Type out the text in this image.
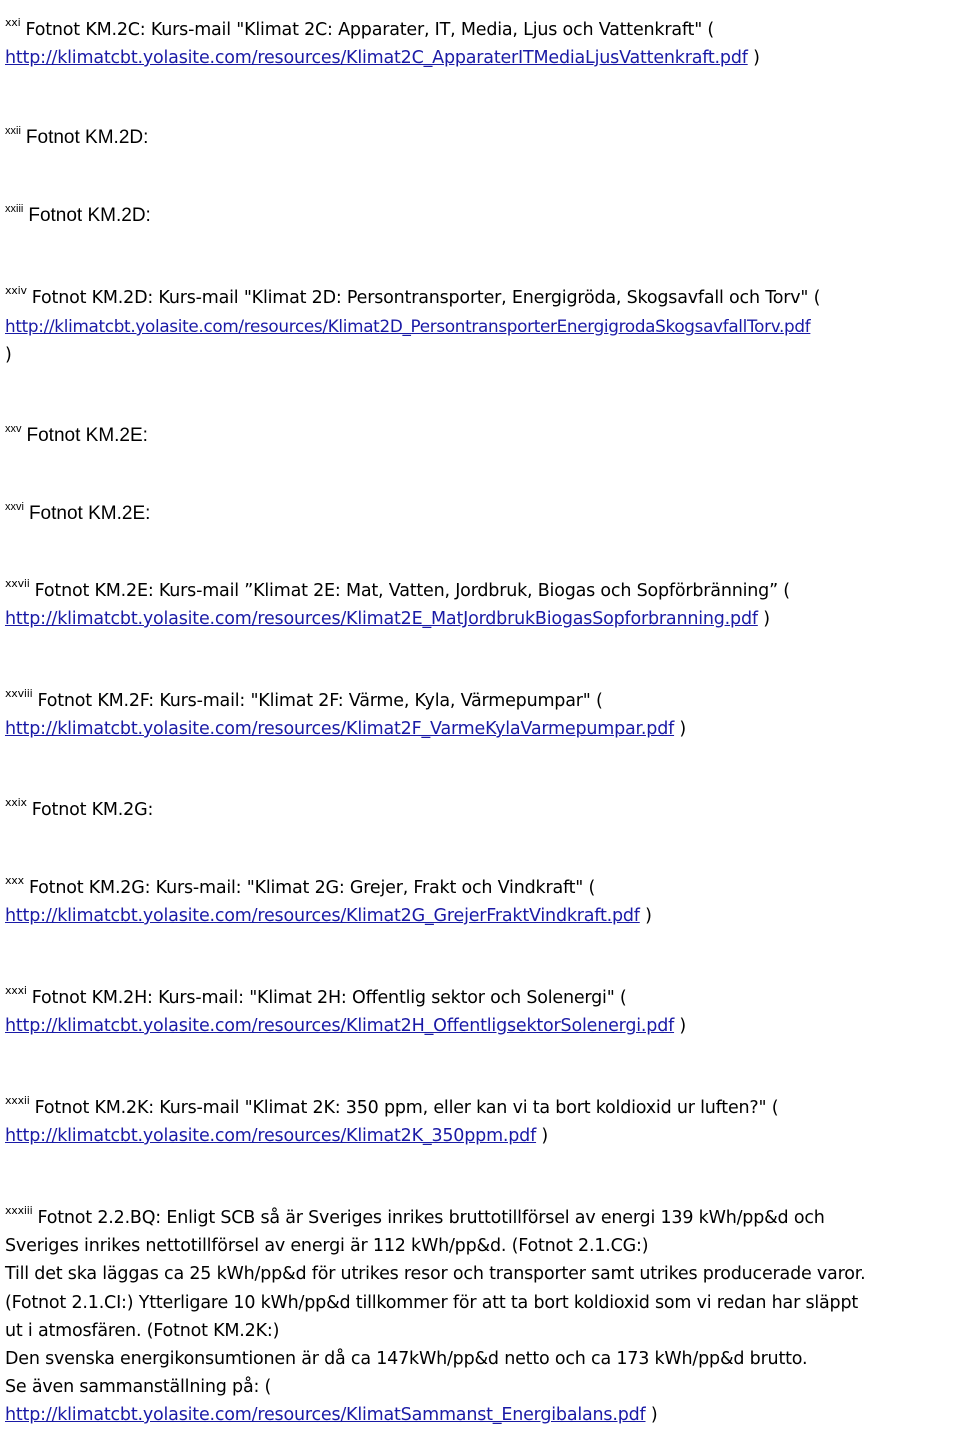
$^{xxi}$ Fotnot KM.2C: Kurs-mail "Klimat 2C: Apparater, IT, Media, Ljus och Vattenkraft" (
http://klimatcbt.yolasite.com/resources/Klimat2C_ApparaterITMediaLjusVattenkraft.pdf )
$^{xxii}$ Fotnot KM.2D:
$^{xxiii}$ Fotnot KM.2D:
$^{xxiv}$ Fotnot KM.2D: Kurs-mail "Klimat 2D: Persontransporter, Energigröda, Skogsavfall och Torv" (
http://klimatcbt.yolasite.com/resources/Klimat2D_PersontransporterEnergigrodaSkogsavfallTorv.pdf
)
$^{xxv}$ Fotnot KM.2E:
$^{xxvi}$ Fotnot KM.2E:
$^{xxvii}$ Fotnot KM.2E: Kurs-mail ”Klimat 2E: Mat, Vatten, Jordbruk, Biogas och Sopförbränning” (
http://klimatcbt.yolasite.com/resources/Klimat2E_MatJordbrukBiogasSopforbranning.pdf )
$^{xxviii}$ Fotnot KM.2F: Kurs-mail: "Klimat 2F: Värme, Kyla, Värmepumpar" (
http://klimatcbt.yolasite.com/resources/Klimat2F_VarmeKylaVarmepumpar.pdf )
$^{xxix}$ Fotnot KM.2G:
$^{xxx}$ Fotnot KM.2G: Kurs-mail: "Klimat 2G: Grejer, Frakt och Vindkraft" (
http://klimatcbt.yolasite.com/resources/Klimat2G_GrejerFraktVindkraft.pdf )
$^{xxxi}$ Fotnot KM.2H: Kurs-mail: "Klimat 2H: Offentlig sektor och Solenergi" (
http://klimatcbt.yolasite.com/resources/Klimat2H_OffentligsektorSolenergi.pdf )
$^{xxxii}$ Fotnot KM.2K: Kurs-mail "Klimat 2K: 350 ppm, eller kan vi ta bort koldioxid ur luften?" (
http://klimatcbt.yolasite.com/resources/Klimat2K_350ppm.pdf )
$^{xxxiii}$ Fotnot 2.2.BQ: Enligt SCB så är Sveriges inrikes bruttotillförsel av energi 139 kWh/pp&d och
Sveriges inrikes nettotillförsel av energi är 112 kWh/pp&d. (Fotnot 2.1.CG:)
Till det ska läggas ca 25 kWh/pp&d för utrikes resor och transporter samt utrikes producerade varor.
(Fotnot 2.1.CI:) Ytterligare 10 kWh/pp&d tillkommer för att ta bort koldioxid som vi redan har släppt
ut i atmosfären. (Fotnot KM.2K:)
Den svenska energikonsumtionen är då ca 147kWh/pp&d netto och ca 173 kWh/pp&d brutto.
Se även sammanställning på: (
http://klimatcbt.yolasite.com/resources/KlimatSammanst_Energibalans.pdf )
